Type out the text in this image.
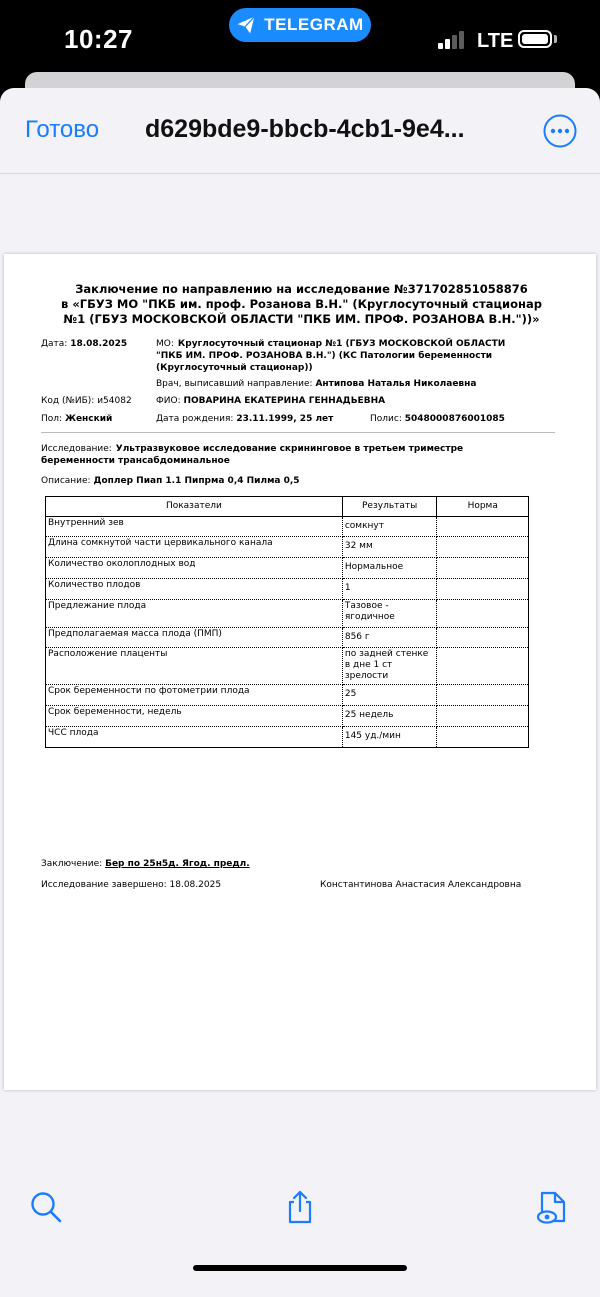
10:27	TELEGRAM
LTE
Готово d629bde9-bbcb-4cb1-9e4...
Заключение по направлению на исследование №371702851058876
в «ГБУЗ МО "ПКБ им. проф. Розанова В.Н." (Круглосуточный стационар
№1 (ГБУЗ МОСКОВСКОЙ ОБЛАСТИ "ПКБ ИМ. ПРОФ. РОЗАНОВА В.Н."))»
Дата: 18.08.2025	МО: Круглосуточный стационар №1 (ГБУЗ МОСКОВСКОЙ ОБЛАСТИ
"ПКБ ИМ. ПРОФ. РОЗАНОВА В.Н.") (КС Патологии беременности
(Круглосуточный стационар))
Врач, выписавший направление: Антипова Наталья Николаевна
Код (№ИБ): и54082	ФИО: ПОВАРИНА ЕКАТЕРИНА ГЕННАДЬЕВНА
Пол: Женский	Дата рождения: 23.11.1999, 25 лет	Полис: 5048000876001085
Исследование: Ультразвуковое исследование скрининговое в третьем триместре
беременности трансабдоминальное
Описание: Доплер Пиап 1.1 Пипрма 0,4 Пилма 0,5
Показатели	Результаты	Норма
Внутренний зев	сомкнут	
Длина сомкнутой части цервикального канала	32 мм	
Количество околоплодных вод	Нормальное	
Количество плодов	1	
Предлежание плода	Тазовое - ягодичное	
Предполагаемая масса плода (ПМП)	856 г	
Расположение плаценты	по задней стенке в дне 1 ст зрелости	
Срок беременности по фотометрии плода	25	
Срок беременности, недель	25 недель	
ЧСС плода	145 уд./мин	
Заключение: Бер по 25н5д. Ягод. предл.
Исследование завершено: 18.08.2025	Константинова Анастасия Александровна
